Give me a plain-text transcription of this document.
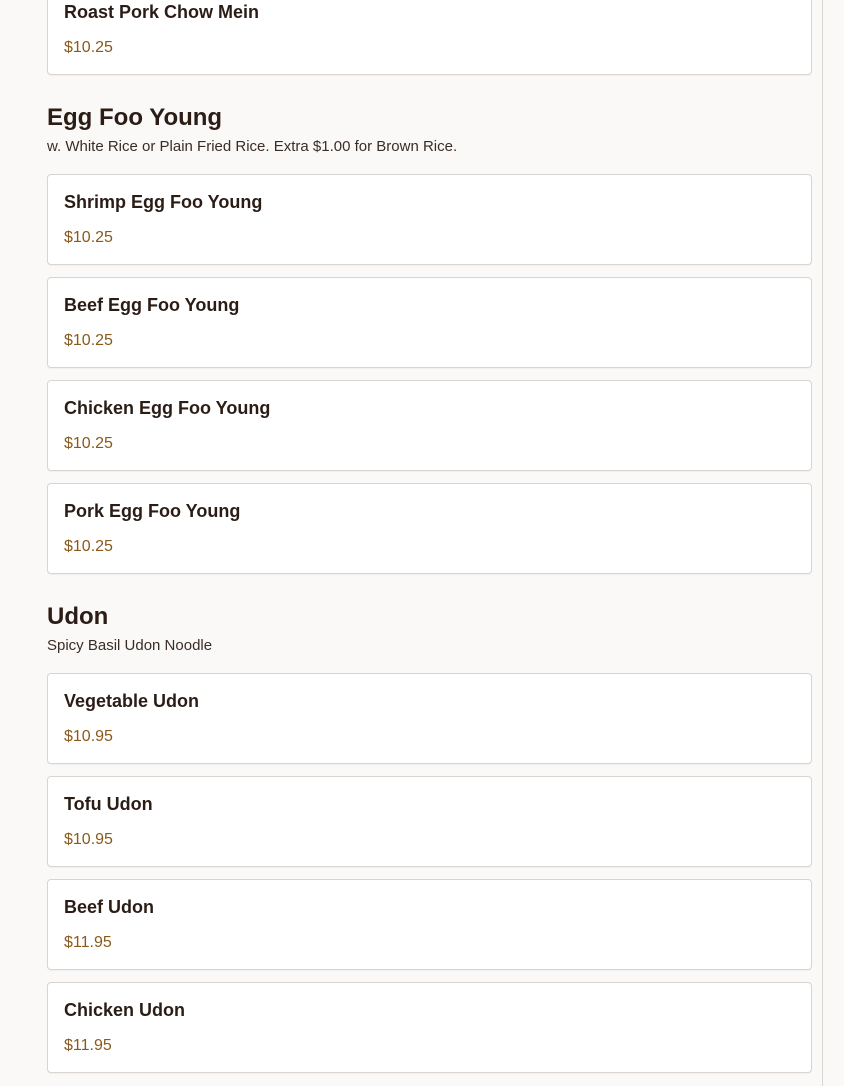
Roast Pork Chow Mein
$10.25
Egg Foo Young

w. White Rice or Plain Fried Rice. Extra $1.00 for Brown Rice.

Shrimp Egg Foo Young
$10.25
Beef Egg Foo Young
$10.25
Chicken Egg Foo Young
$10.25
Pork Egg Foo Young
$10.25
Udon

Spicy Basil Udon Noodle

Vegetable Udon
$10.95
Tofu Udon
$10.95
Beef Udon
$11.95
Chicken Udon
$11.95
